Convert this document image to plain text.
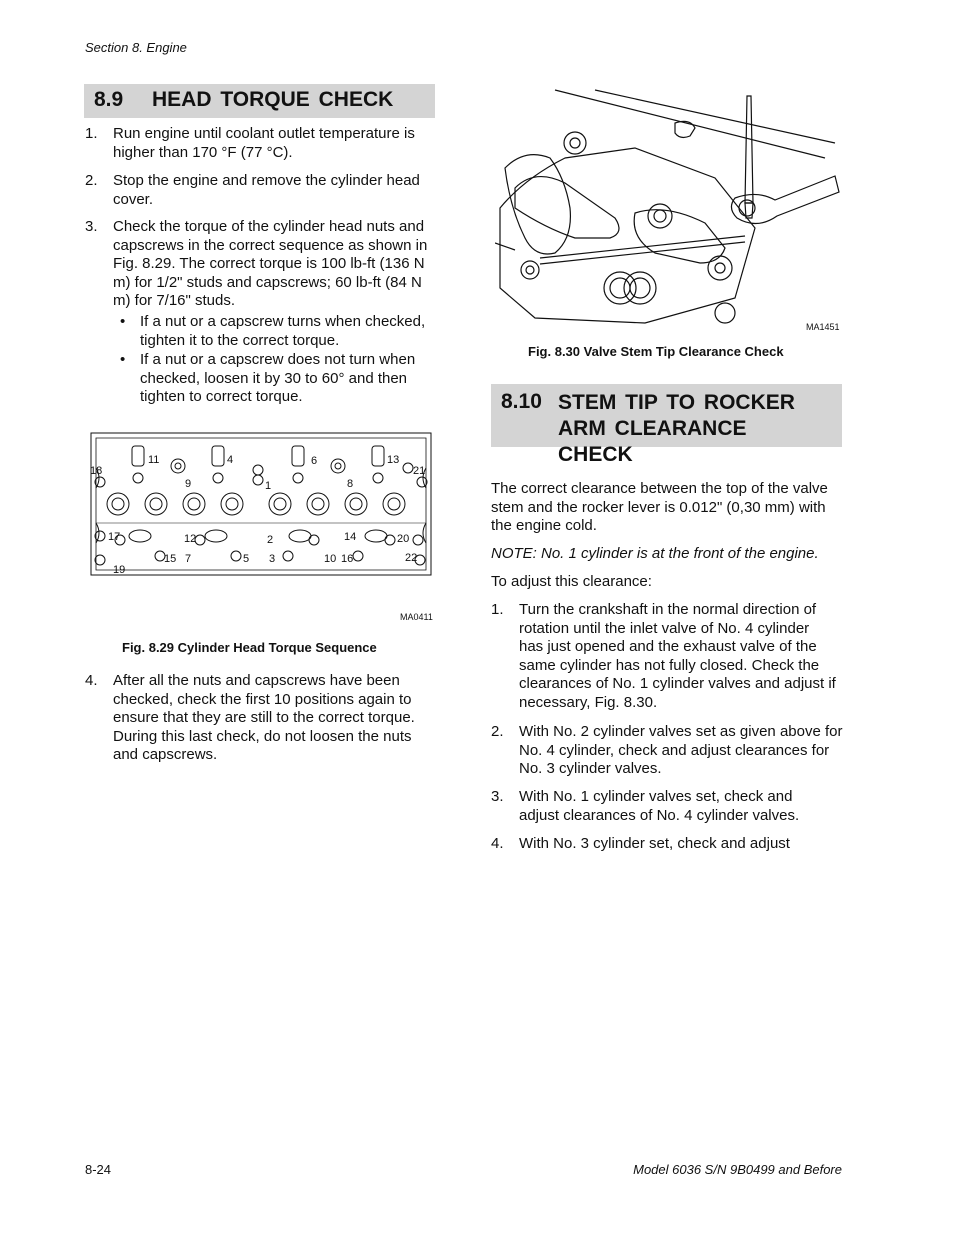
Section 8. Engine
8.9 HEAD TORQUE CHECK
1. Run engine until coolant outlet temperature is higher than 170 °F (77 °C).
2. Stop the engine and remove the cylinder head cover.
3. Check the torque of the cylinder head nuts and capscrews in the correct sequence as shown in Fig. 8.29. The correct torque is 100 lb-ft (136 N m) for 1/2" studs and capscrews; 60 lb-ft (84 N m) for 7/16" studs.
• If a nut or a capscrew turns when checked, tighten it to the correct torque.
• If a nut or a capscrew does not turn when checked, loosen it by 30 to 60° and then tighten to correct torque.
11	4	6	13
18	21
9	1	8
17	12	2	14	20
15 7	5 3	10 16	22
19
MA0411
Fig. 8.29 Cylinder Head Torque Sequence
4. After all the nuts and capscrews have been checked, check the first 10 positions again to ensure that they are still to the correct torque. During this last check, do not loosen the nuts and capscrews.
MA1451
Fig. 8.30 Valve Stem Tip Clearance Check
8.10 STEM TIP TO ROCKER
ARM CLEARANCE
CHECK
The correct clearance between the top of the valve stem and the rocker lever is 0.012" (0,30 mm) with the engine cold.
NOTE: No. 1 cylinder is at the front of the engine.
To adjust this clearance:
1. Turn the crankshaft in the normal direction of rotation until the inlet valve of No. 4 cylinder has just opened and the exhaust valve of the same cylinder has not fully closed. Check the clearances of No. 1 cylinder valves and adjust if necessary, Fig. 8.30.
2. With No. 2 cylinder valves set as given above for No. 4 cylinder, check and adjust clearances for No. 3 cylinder valves.
3. With No. 1 cylinder valves set, check and adjust clearances of No. 4 cylinder valves.
4. With No. 3 cylinder set, check and adjust
8-24	Model 6036 S/N 9B0499 and Before
